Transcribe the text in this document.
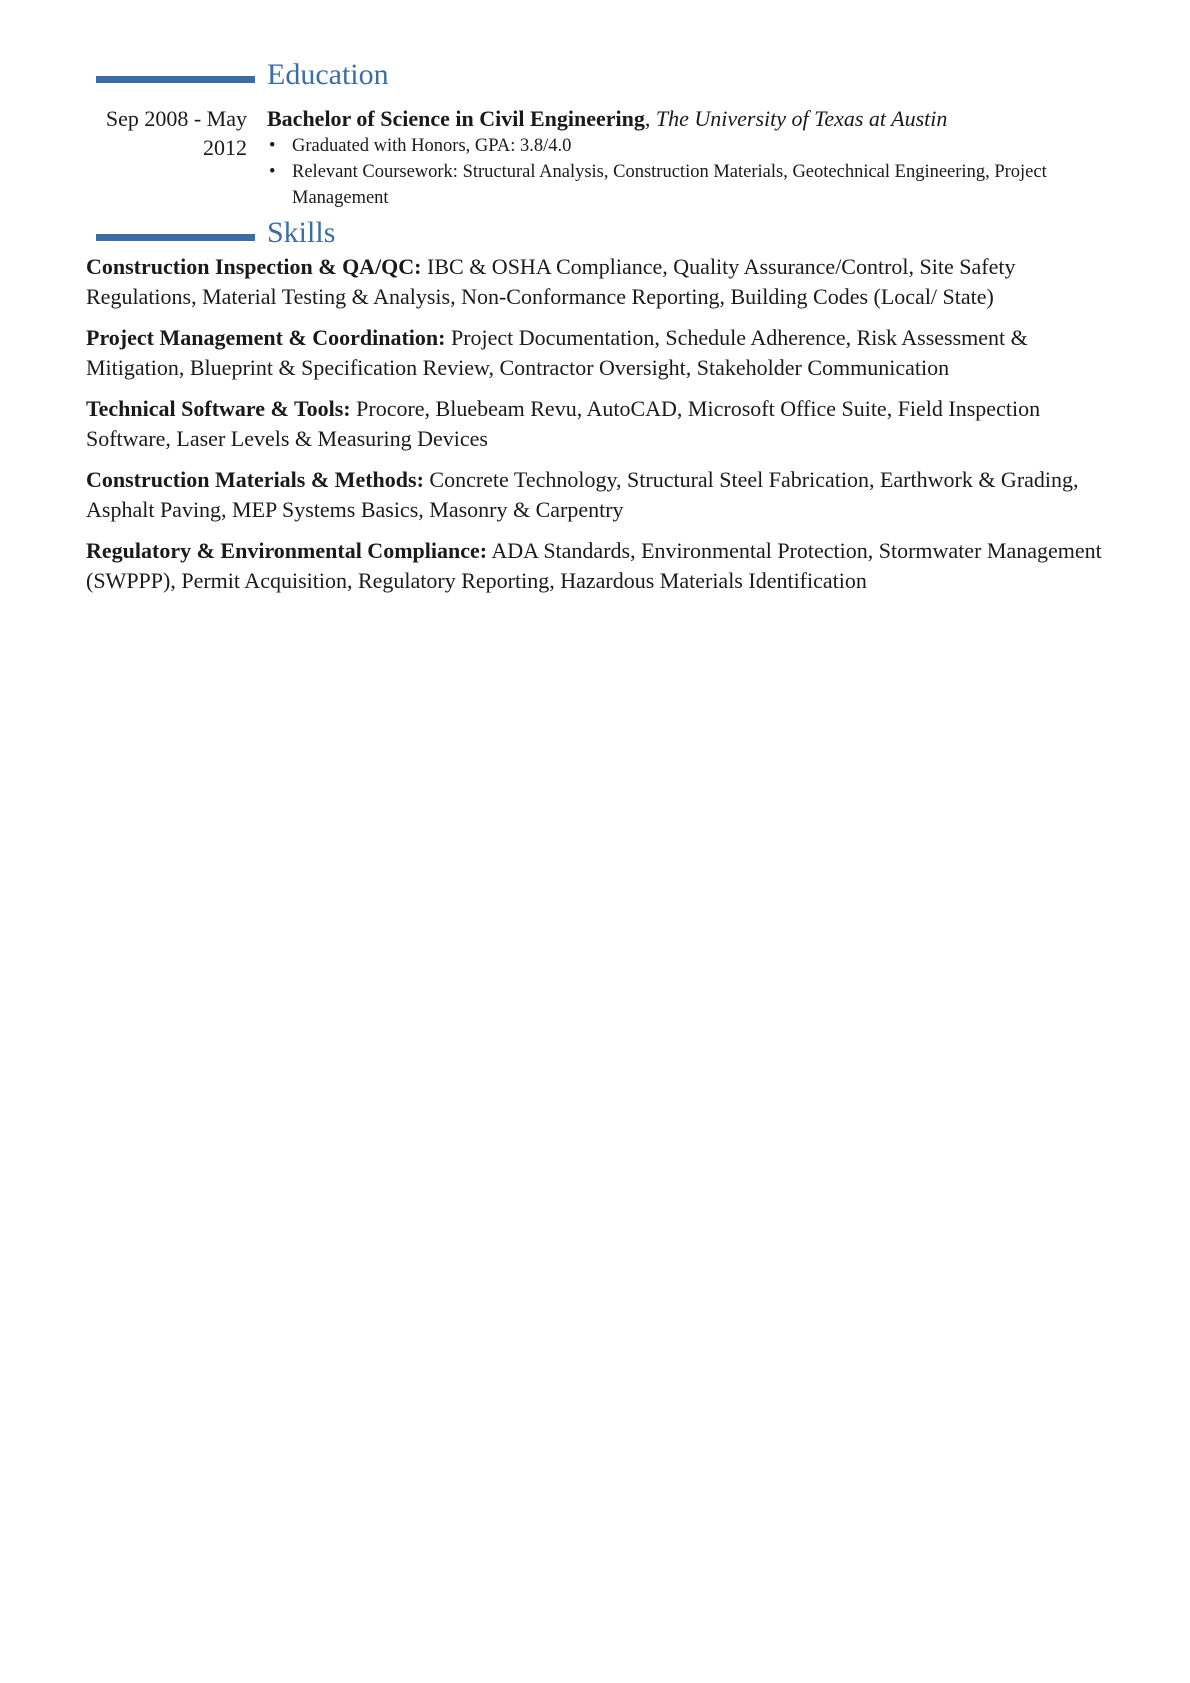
Education
Sep 2008 - May 2012
Bachelor of Science in Civil Engineering, The University of Texas at Austin
• Graduated with Honors, GPA: 3.8/4.0
• Relevant Coursework: Structural Analysis, Construction Materials, Geotechnical Engineering, Project Management
Skills
Construction Inspection & QA/QC: IBC & OSHA Compliance, Quality Assurance/Control, Site Safety Regulations, Material Testing & Analysis, Non-Conformance Reporting, Building Codes (Local/ State)
Project Management & Coordination: Project Documentation, Schedule Adherence, Risk Assessment & Mitigation, Blueprint & Specification Review, Contractor Oversight, Stakeholder Communication
Technical Software & Tools: Procore, Bluebeam Revu, AutoCAD, Microsoft Office Suite, Field Inspection Software, Laser Levels & Measuring Devices
Construction Materials & Methods: Concrete Technology, Structural Steel Fabrication, Earthwork & Grading, Asphalt Paving, MEP Systems Basics, Masonry & Carpentry
Regulatory & Environmental Compliance: ADA Standards, Environmental Protection, Stormwater Management (SWPPP), Permit Acquisition, Regulatory Reporting, Hazardous Materials Identification
